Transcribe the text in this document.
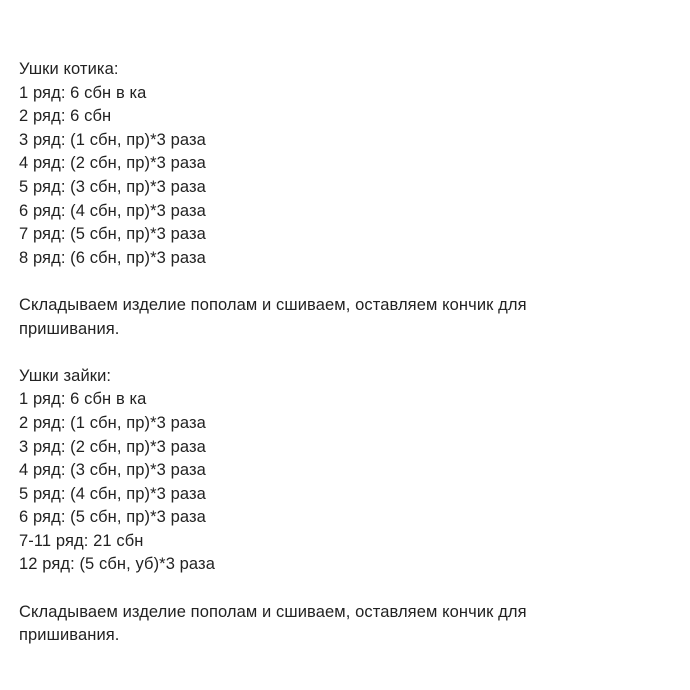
Ушки котика:
1 ряд: 6 сбн в ка
2 ряд: 6 сбн
3 ряд: (1 сбн, пр)*3 раза
4 ряд: (2 сбн, пр)*3 раза
5 ряд: (3 сбн, пр)*3 раза
6 ряд: (4 сбн, пр)*3 раза
7 ряд: (5 сбн, пр)*3 раза
8 ряд: (6 сбн, пр)*3 раза
Складываем изделие пополам и сшиваем, оставляем кончик для
пришивания.
Ушки зайки:
1 ряд: 6 сбн в ка
2 ряд: (1 сбн, пр)*3 раза
3 ряд: (2 сбн, пр)*3 раза
4 ряд: (3 сбн, пр)*3 раза
5 ряд: (4 сбн, пр)*3 раза
6 ряд: (5 сбн, пр)*3 раза
7-11 ряд: 21 сбн
12 ряд: (5 сбн, уб)*3 раза
Складываем изделие пополам и сшиваем, оставляем кончик для
пришивания.
